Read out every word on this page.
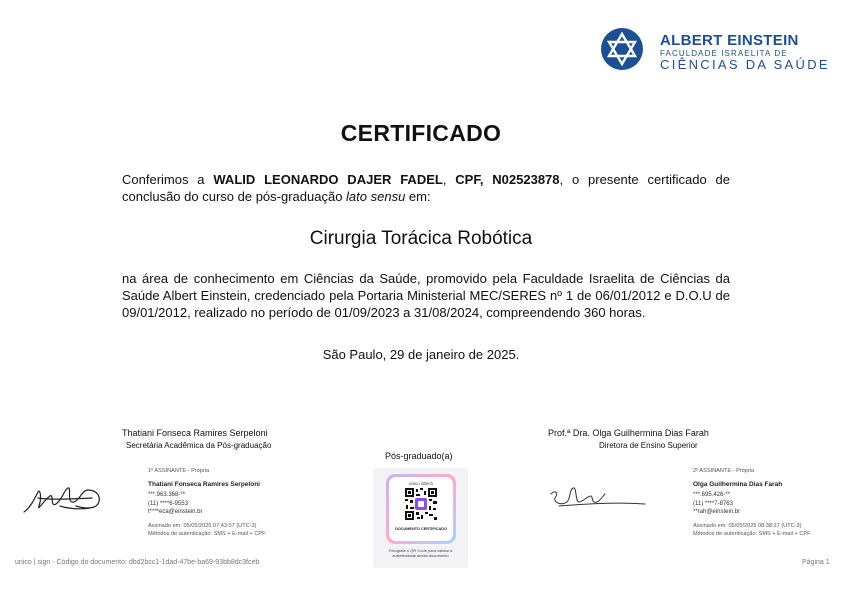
ALBERT EINSTEIN
FACULDADE ISRAELITA DE
CIÊNCIAS DA SAÚDE
CERTIFICADO
Conferimos a WALID LEONARDO DAJER FADEL, CPF, N02523878, o presente certificado de conclusão do curso de pós-graduação lato sensu em:
Cirurgia Torácica Robótica
na área de conhecimento em Ciências da Saúde, promovido pela Faculdade Israelita de Ciências da Saúde Albert Einstein, credenciado pela Portaria Ministerial MEC/SERES nº 1 de 06/01/2012 e D.O.U de 09/01/2012, realizado no período de 01/09/2023 a 31/08/2024, compreendendo 360 horas.
São Paulo, 29 de janeiro de 2025.
Thatiani Fonseca Ramires Serpeloni
Secretária Acadêmica da Pós-graduação
Pós-graduado(a)
Prof.ª Dra. Olga Guilhermina Dias Farah
Diretora de Ensino Superior
1º ASSINANTE - Própria
Thatiani Fonseca Ramires Serpeloni
***.963.368-**
(11) ****6-9553
t****eca@einstein.br
Assinado em: 05/05/2025 07:43:07 (UTC-3)
Métodos de autenticação: SMS + E-mail + CPF
2º ASSINANTE - Própria
Olga Guilhermina Dias Farah
***.695.426-**
(11) ****7-8763
**rah@einstein.br
Assinado em: 05/05/2025 08:38:27 (UTC-3)
Métodos de autenticação: SMS + E-mail + CPF
unico idtech
DOCUMENTO CERTIFICADO
Fotografe o QR Code para validar a autenticidade desse documento
unico | sign - Código do documento: dbd2bcc1-1dad-47be-ba69-93bb8dc3fceb	Página 1
